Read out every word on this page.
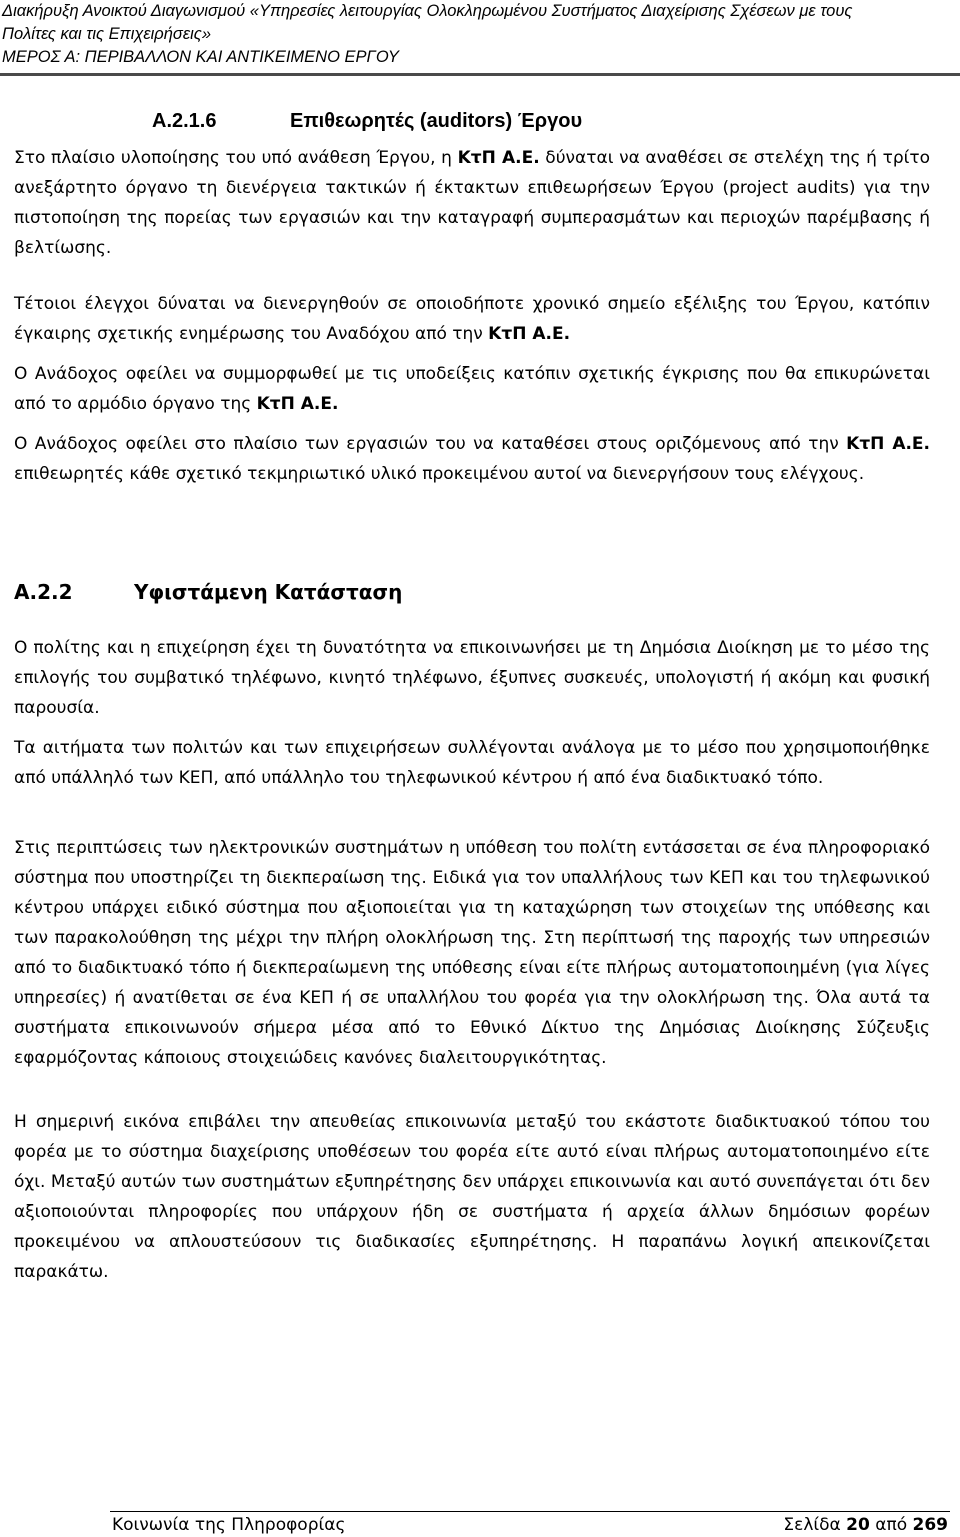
Διακήρυξη Ανοικτού Διαγωνισμού «Υπηρεσίες λειτουργίας Ολοκληρωμένου Συστήματος Διαχείρισης Σχέσεων με τους
Πολίτες και τις Επιχειρήσεις»
ΜΕΡΟΣ Α: ΠΕΡΙΒΑΛΛΟΝ ΚΑΙ ΑΝΤΙΚΕΙΜΕΝΟ ΕΡΓΟΥ
Α.2.1.6	Επιθεωρητές (auditors) Έργου

Στο πλαίσιο υλοποίησης του υπό ανάθεση Έργου, η ΚτΠ Α.Ε. δύναται να αναθέσει σε στελέχη της ή τρίτο ανεξάρτητο όργανο τη διενέργεια τακτικών ή έκτακτων επιθεωρήσεων Έργου (project audits) για την πιστοποίηση της πορείας των εργασιών και την καταγραφή συμπερασμάτων και περιοχών παρέμβασης ή βελτίωσης.

Τέτοιοι έλεγχοι δύναται να διενεργηθούν σε οποιοδήποτε χρονικό σημείο εξέλιξης του Έργου, κατόπιν έγκαιρης σχετικής ενημέρωσης του Αναδόχου από την ΚτΠ Α.Ε.

Ο Ανάδοχος οφείλει να συμμορφωθεί με τις υποδείξεις κατόπιν σχετικής έγκρισης που θα επικυρώνεται από το αρμόδιο όργανο της ΚτΠ Α.Ε.

Ο Ανάδοχος οφείλει στο πλαίσιο των εργασιών του να καταθέσει στους οριζόμενους από την ΚτΠ Α.Ε. επιθεωρητές κάθε σχετικό τεκμηριωτικό υλικό προκειμένου αυτοί να διενεργήσουν τους ελέγχους.

Α.2.2	Υφιστάμενη Κατάσταση

Ο πολίτης και η επιχείρηση έχει τη δυνατότητα να επικοινωνήσει με τη Δημόσια Διοίκηση με το μέσο της επιλογής του συμβατικό τηλέφωνο, κινητό τηλέφωνο, έξυπνες συσκευές, υπολογιστή ή ακόμη και φυσική παρουσία.

Τα αιτήματα των πολιτών και των επιχειρήσεων συλλέγονται ανάλογα με το μέσο που χρησιμοποιήθηκε από υπάλληλό των ΚΕΠ, από υπάλληλο του τηλεφωνικού κέντρου ή από ένα διαδικτυακό τόπο.

Στις περιπτώσεις των ηλεκτρονικών συστημάτων η υπόθεση του πολίτη εντάσσεται σε ένα πληροφοριακό σύστημα που υποστηρίζει τη διεκπεραίωση της. Ειδικά για τον υπαλλήλους των ΚΕΠ και του τηλεφωνικού κέντρου υπάρχει ειδικό σύστημα που αξιοποιείται για τη καταχώρηση των στοιχείων της υπόθεσης και των παρακολούθηση της μέχρι την πλήρη ολοκλήρωση της. Στη περίπτωσή της παροχής των υπηρεσιών από το διαδικτυακό τόπο ή διεκπεραίωμενη της υπόθεσης είναι είτε πλήρως αυτοματοποιημένη (για λίγες υπηρεσίες) ή ανατίθεται σε ένα ΚΕΠ ή σε υπαλλήλου του φορέα για την ολοκλήρωση της. Όλα αυτά τα συστήματα επικοινωνούν σήμερα μέσα από το Εθνικό Δίκτυο της Δημόσιας Διοίκησης Σύζευξις εφαρμόζοντας κάποιους στοιχειώδεις κανόνες διαλειτουργικότητας.

Η σημερινή εικόνα επιβάλει την απευθείας επικοινωνία μεταξύ του εκάστοτε διαδικτυακού τόπου του φορέα με το σύστημα διαχείρισης υποθέσεων του φορέα είτε αυτό είναι πλήρως αυτοματοποιημένο είτε όχι. Μεταξύ αυτών των συστημάτων εξυπηρέτησης δεν υπάρχει επικοινωνία και αυτό συνεπάγεται ότι δεν αξιοποιούνται πληροφορίες που υπάρχουν ήδη σε συστήματα ή αρχεία άλλων δημόσιων φορέων προκειμένου να απλουστεύσουν τις διαδικασίες εξυπηρέτησης. Η παραπάνω λογική απεικονίζεται παρακάτω.

Κοινωνία της Πληροφορίας	Σελίδα 20 από 269
